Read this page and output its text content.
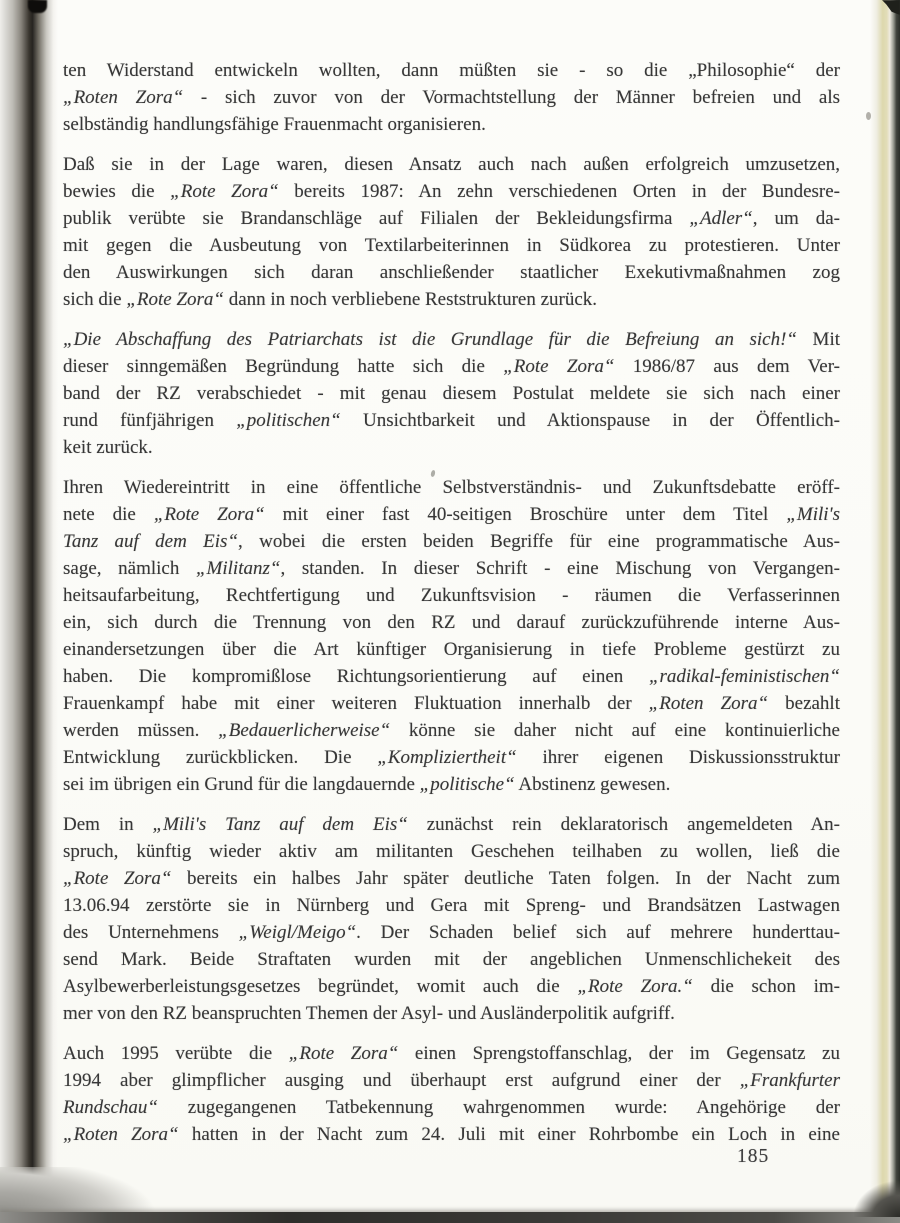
ten Widerstand entwickeln wollten, dann müßten sie - so die „Philosophie“ der
„Roten Zora“ - sich zuvor von der Vormachtstellung der Männer befreien und als
selbständig handlungsfähige Frauenmacht organisieren.
Daß sie in der Lage waren, diesen Ansatz auch nach außen erfolgreich umzusetzen,
bewies die „Rote Zora“ bereits 1987: An zehn verschiedenen Orten in der Bundesre-
publik verübte sie Brandanschläge auf Filialen der Bekleidungsfirma „Adler“, um da-
mit gegen die Ausbeutung von Textilarbeiterinnen in Südkorea zu protestieren. Unter
den Auswirkungen sich daran anschließender staatlicher Exekutivmaßnahmen zog
sich die „Rote Zora“ dann in noch verbliebene Reststrukturen zurück.
„Die Abschaffung des Patriarchats ist die Grundlage für die Befreiung an sich!“ Mit
dieser sinngemäßen Begründung hatte sich die „Rote Zora“ 1986/87 aus dem Ver-
band der RZ verabschiedet - mit genau diesem Postulat meldete sie sich nach einer
rund fünfjährigen „politischen“ Unsichtbarkeit und Aktionspause in der Öffentlich-
keit zurück.
Ihren Wiedereintritt in eine öffentliche Selbstverständnis- und Zukunftsdebatte eröff-
nete die „Rote Zora“ mit einer fast 40-seitigen Broschüre unter dem Titel „Mili's
Tanz auf dem Eis“, wobei die ersten beiden Begriffe für eine programmatische Aus-
sage, nämlich „Militanz“, standen. In dieser Schrift - eine Mischung von Vergangen-
heitsaufarbeitung, Rechtfertigung und Zukunftsvision - räumen die Verfasserinnen
ein, sich durch die Trennung von den RZ und darauf zurückzuführende interne Aus-
einandersetzungen über die Art künftiger Organisierung in tiefe Probleme gestürzt zu
haben. Die kompromißlose Richtungsorientierung auf einen „radikal-feministischen“
Frauenkampf habe mit einer weiteren Fluktuation innerhalb der „Roten Zora“ bezahlt
werden müssen. „Bedauerlicherweise“ könne sie daher nicht auf eine kontinuierliche
Entwicklung zurückblicken. Die „Kompliziertheit“ ihrer eigenen Diskussionsstruktur
sei im übrigen ein Grund für die langdauernde „politische“ Abstinenz gewesen.
Dem in „Mili's Tanz auf dem Eis“ zunächst rein deklaratorisch angemeldeten An-
spruch, künftig wieder aktiv am militanten Geschehen teilhaben zu wollen, ließ die
„Rote Zora“ bereits ein halbes Jahr später deutliche Taten folgen. In der Nacht zum
13.06.94 zerstörte sie in Nürnberg und Gera mit Spreng- und Brandsätzen Lastwagen
des Unternehmens „Weigl/Meigo“. Der Schaden belief sich auf mehrere hunderttau-
send Mark. Beide Straftaten wurden mit der angeblichen Unmenschlichekeit des
Asylbewerberleistungsgesetzes begründet, womit auch die „Rote Zora.“ die schon im-
mer von den RZ beanspruchten Themen der Asyl- und Ausländerpolitik aufgriff.
Auch 1995 verübte die „Rote Zora“ einen Sprengstoffanschlag, der im Gegensatz zu
1994 aber glimpflicher ausging und überhaupt erst aufgrund einer der „Frankfurter
Rundschau“ zugegangenen Tatbekennung wahrgenommen wurde: Angehörige der
„Roten Zora“ hatten in der Nacht zum 24. Juli mit einer Rohrbombe ein Loch in eine
185
